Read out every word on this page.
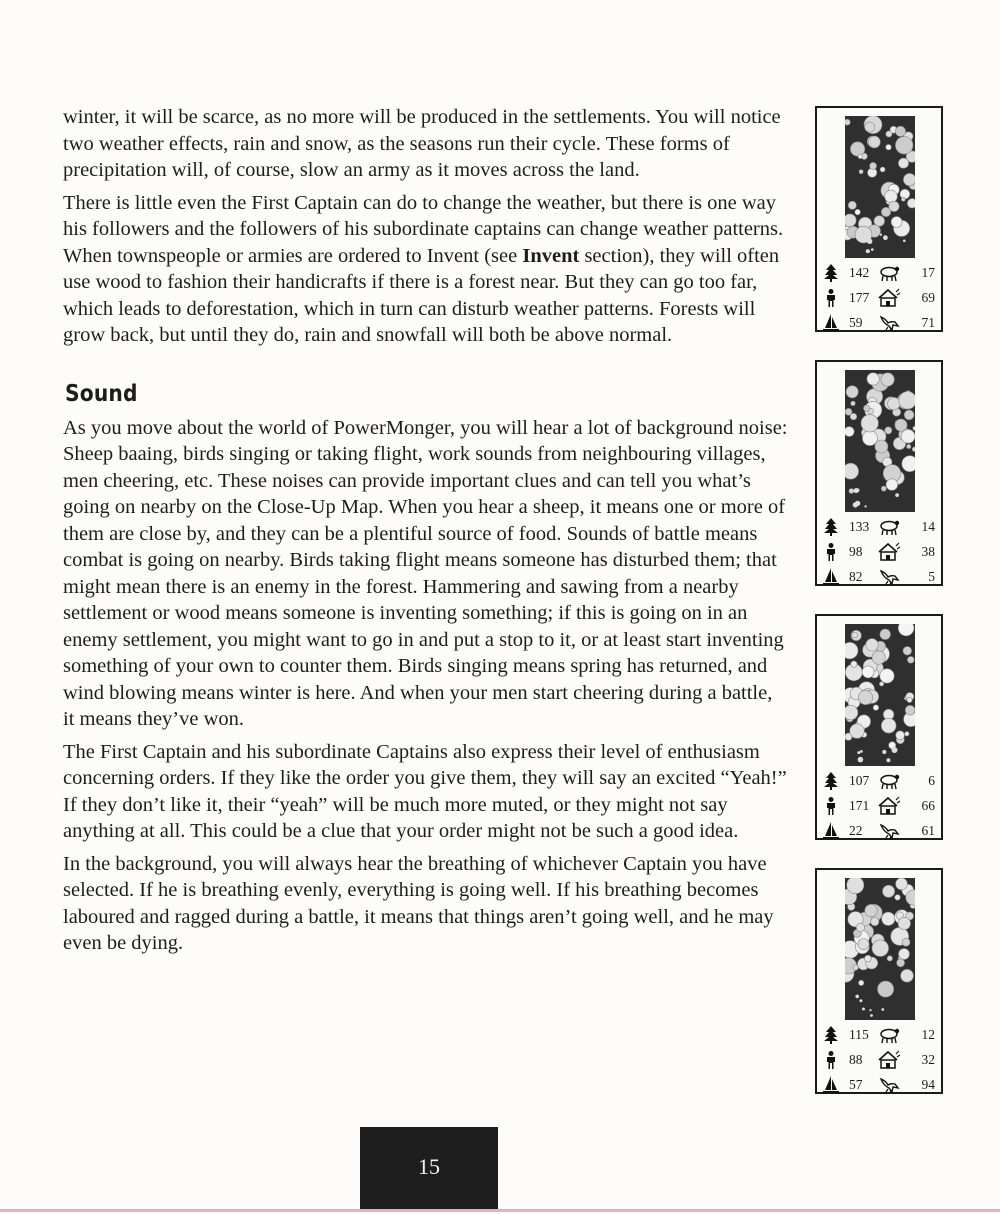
winter, it will be scarce, as no more will be produced in the settlements. You will notice two weather effects, rain and snow, as the seasons run their cycle. These forms of precipitation will, of course, slow an army as it moves across the land.

There is little even the First Captain can do to change the weather, but there is one way his followers and the followers of his subordinate captains can change weather patterns. When townspeople or armies are ordered to Invent (see Invent section), they will often use wood to fashion their handicrafts if there is a forest near. But they can go too far, which leads to deforestation, which in turn can disturb weather patterns. Forests will grow back, but until they do, rain and snowfall will both be above normal.

Sound

As you move about the world of PowerMonger, you will hear a lot of background noise: Sheep baaing, birds singing or taking flight, work sounds from neighbouring villages, men cheering, etc. These noises can provide important clues and can tell you what’s going on nearby on the Close-Up Map. When you hear a sheep, it means one or more of them are close by, and they can be a plentiful source of food. Sounds of battle means combat is going on nearby. Birds taking flight means someone has disturbed them; that might mean there is an enemy in the forest. Hammering and sawing from a nearby settlement or wood means someone is inventing something; if this is going on in an enemy settlement, you might want to go in and put a stop to it, or at least start inventing something of your own to counter them. Birds singing means spring has returned, and wind blowing means winter is here. And when your men start cheering during a battle, it means they’ve won.

The First Captain and his subordinate Captains also express their level of enthusiasm concerning orders. If they like the order you give them, they will say an excited “Yeah!” If they don’t like it, their “yeah” will be much more muted, or they might not say anything at all. This could be a clue that your order might not be such a good idea.

In the background, you will always hear the breathing of whichever Captain you have selected. If he is breathing evenly, everything is going well. If his breathing becomes laboured and ragged during a battle, it means that things aren’t going well, and he may even be dying.

142	17
177	69
59	71
133	14
98	38
82	5
107	6
171	66
22	61
115	12
88	32
57	94
15
